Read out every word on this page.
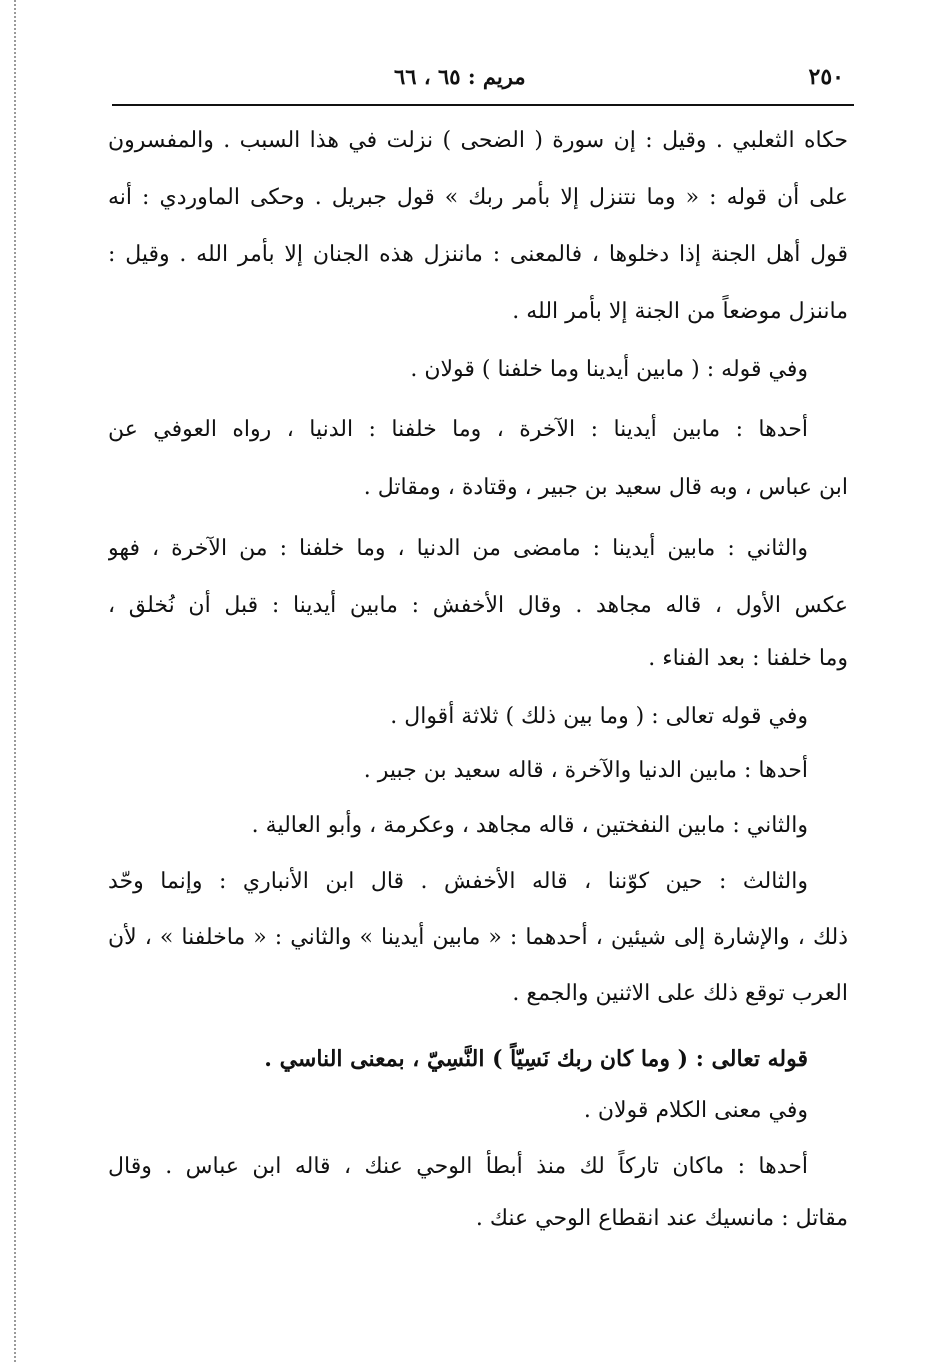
٢٥٠
مريم : ٦٥ ، ٦٦
حكاه الثعلبي . وقيل : إن سورة ( الضحى ) نزلت في هذا السبب . والمفسرون
على أن قوله : « وما نتنزل إلا بأمر ربك » قول جبريل . وحكى الماوردي : أنه
قول أهل الجنة إذا دخلوها ، فالمعنى : ماننزل هذه الجنان إلا بأمر الله . وقيل :
ماننزل موضعاً من الجنة إلا بأمر الله .
وفي قوله : ( مابين أيدينا وما خلفنا ) قولان .
أحدها : مابين أيدينا : الآخرة ، وما خلفنا : الدنيا ، رواه العوفي عن
ابن عباس ، وبه قال سعيد بن جبير ، وقتادة ، ومقاتل .
والثاني : مابين أيدينا : مامضى من الدنيا ، وما خلفنا : من الآخرة ، فهو
عكس الأول ، قاله مجاهد . وقال الأخفش : مابين أيدينا : قبل أن نُخلق ،
وما خلفنا : بعد الفناء .
وفي قوله تعالى : ( وما بين ذلك ) ثلاثة أقوال .
أحدها : مابين الدنيا والآخرة ، قاله سعيد بن جبير .
والثاني : مابين النفختين ، قاله مجاهد ، وعكرمة ، وأبو العالية .
والثالث : حين كوّننا ، قاله الأخفش . قال ابن الأنباري : وإنما وحّد
ذلك ، والإشارة إلى شيئين ، أحدهما : « مابين أيدينا » والثاني : « ماخلفنا » ، لأن
العرب توقع ذلك على الاثنين والجمع .
قوله تعالى : ( وما كان ربك نَسِيّاً ) النَّسِيّ ، بمعنى الناسي .
وفي معنى الكلام قولان .
أحدها : ماكان تاركاً لك منذ أبطأ الوحي عنك ، قاله ابن عباس . وقال
مقاتل : مانسيك عند انقطاع الوحي عنك .
